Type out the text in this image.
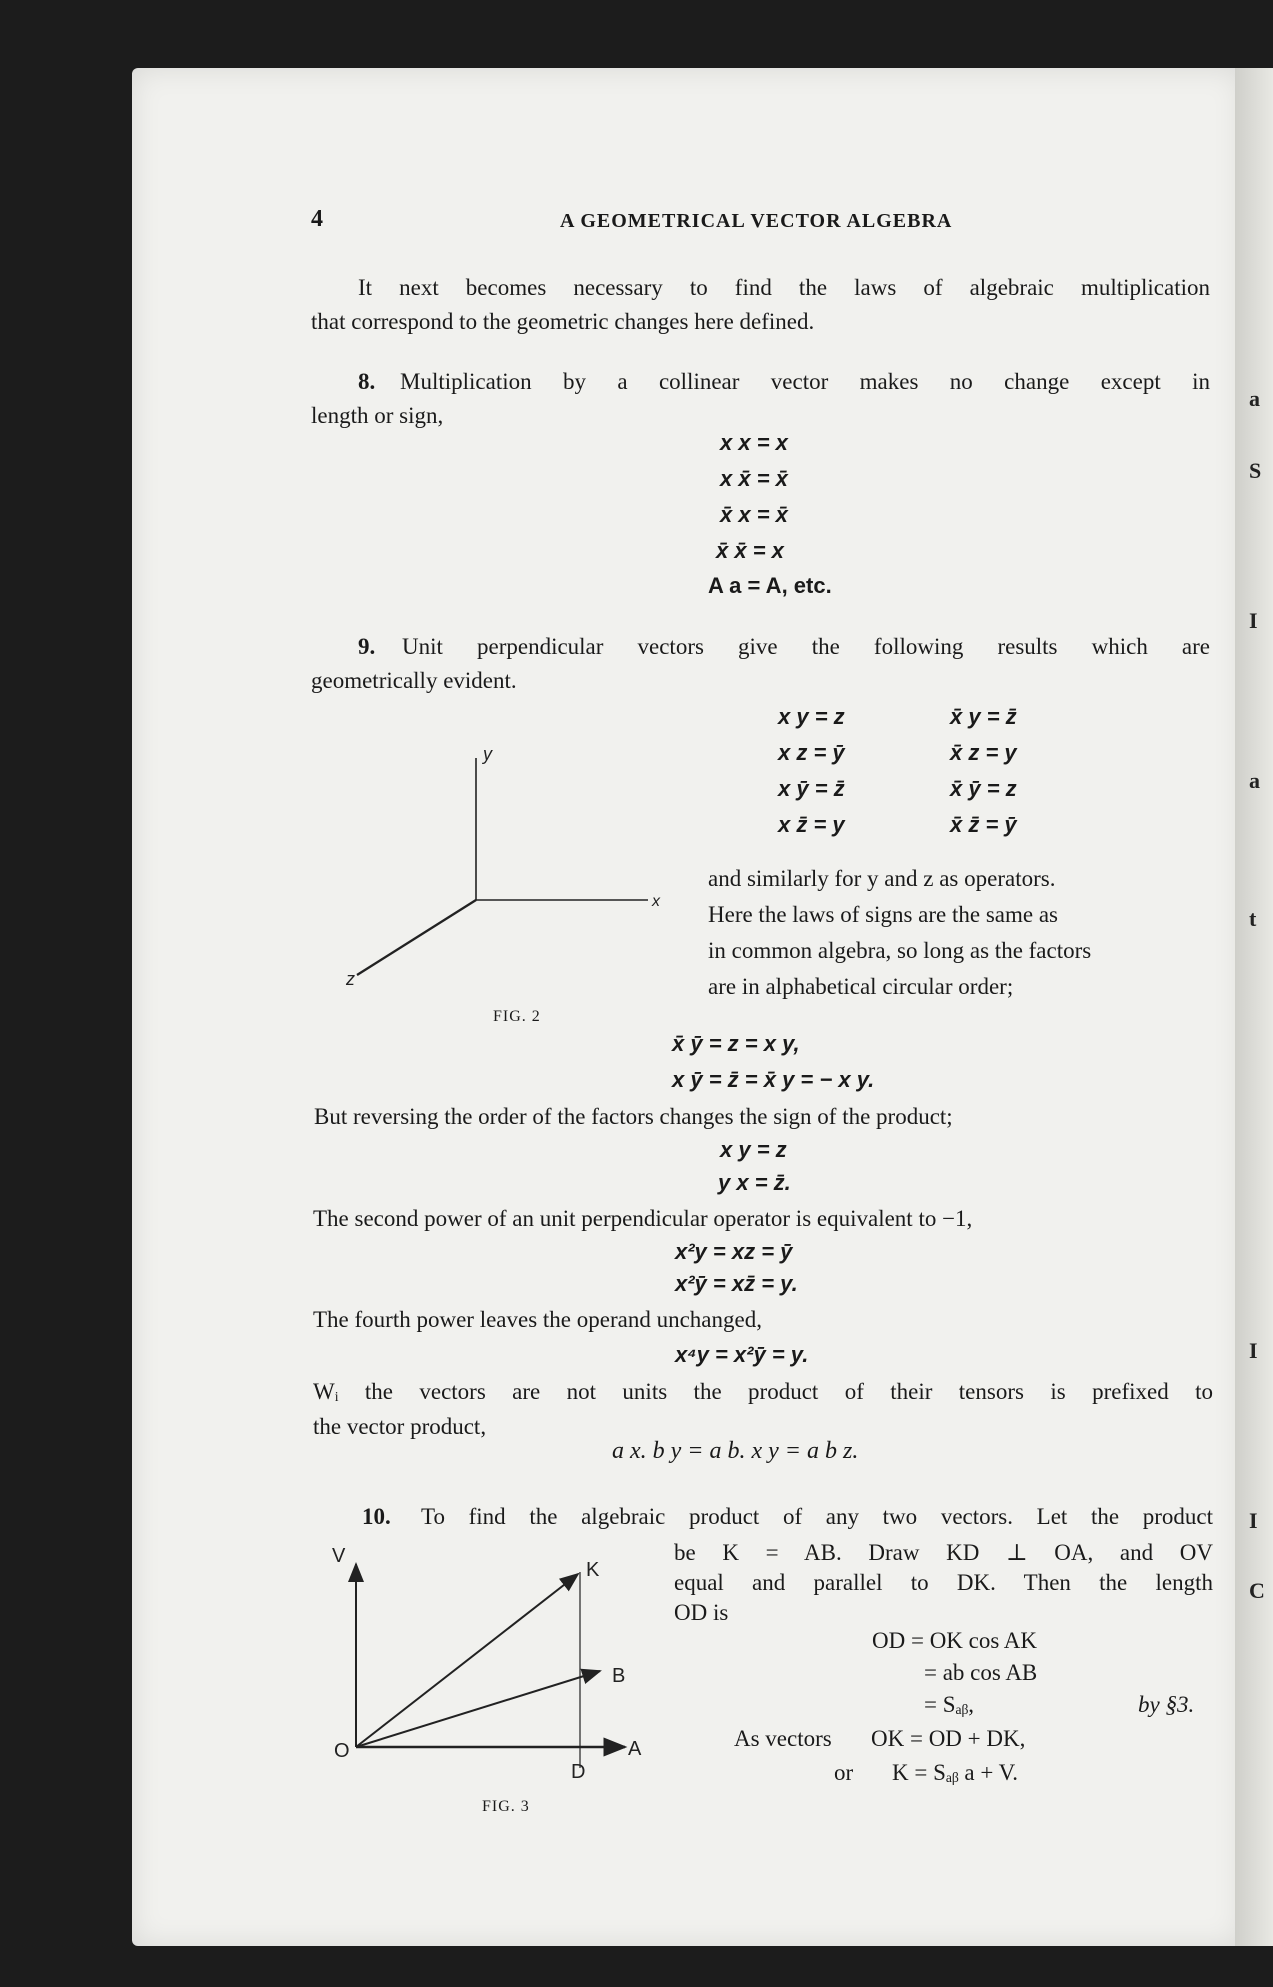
a
S
I
a
t
I
I
C
4	A GEOMETRICAL VECTOR ALGEBRA
It next becomes necessary to find the laws of algebraic multiplication
that correspond to the geometric changes here defined.
8. Multiplication by a collinear vector makes no change except in
length or sign,
x x = x
x x̄ = x̄
x̄ x = x̄
x̄ x̄ = x
A a = A, etc.
9. Unit perpendicular vectors give the following results which are
geometrically evident.
x y = z
x z = ȳ
x ȳ = z̄
x z̄ = y
x̄ y = z̄
x̄ z = y
x̄ ȳ = z
x̄ z̄ = ȳ
y
x
z
FIG. 2
and similarly for y and z as operators.
Here the laws of signs are the same as
in common algebra, so long as the factors
are in alphabetical circular order;
x̄ ȳ = z = x y,
x ȳ = z̄ = x̄ y = − x y.
But reversing the order of the factors changes the sign of the product;
x y = z
y x = z̄.
The second power of an unit perpendicular operator is equivalent to −1,
x²y = xz = ȳ
x²ȳ = xz̄ = y.
The fourth power leaves the operand unchanged,
x⁴y = x²ȳ = y.
W⁠ᵢ the vectors are not units the product of their tensors is prefixed to
the vector product,
a x. b y = a b. x y = a b z.
10. To find the algebraic product of any two vectors. Let the product
be K = AB. Draw KD ⊥ OA, and OV
equal and parallel to DK. Then the length
OD is
OD = OK cos AK
= ab cos AB
= Sₐᵦ,	by §3.
As vectors OK = OD + DK,
or K = Sₐᵦ a + V.
V
K
B
O
D
A
FIG. 3
